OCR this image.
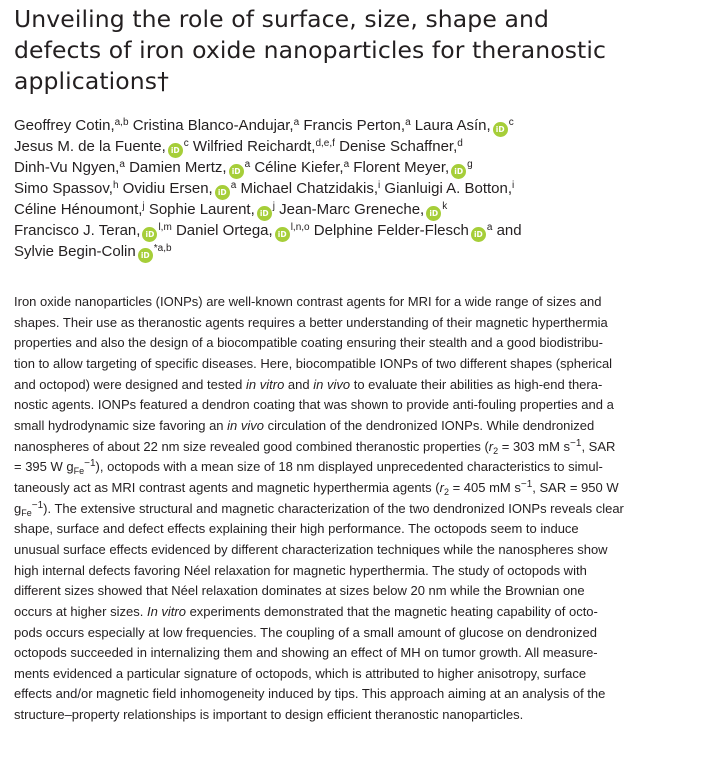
Unveiling the role of surface, size, shape and
defects of iron oxide nanoparticles for theranostic
applications†
Geoffrey Cotin,$^{a,b}$ Cristina Blanco-Andujar,$^a$ Francis Perton,$^a$ Laura Asín, $iD^c$
Jesus M. de la Fuente, $iD^c$ Wilfried Reichardt,$^{d,e,f}$ Denise Schaffner,$^d$
Dinh-Vu Ngyen,$^a$ Damien Mertz, $iD^a$ Céline Kiefer,$^a$ Florent Meyer, $iD^g$
Simo Spassov,$^h$ Ovidiu Ersen, $iD^a$ Michael Chatzidakis,$^i$ Gianluigi A. Botton,$^i$
Céline Hénoumont,$^j$ Sophie Laurent, $iD^j$ Jean-Marc Greneche, $iD^k$
Francisco J. Teran, iD$^{l,m}$ Daniel Ortega, iD$^{l,n,o}$ Delphine Felder-Flesch $iD^a$ and
Sylvie Begin-Colin iD$^{*a,b}$
Iron oxide nanoparticles (IONPs) are well-known contrast agents for MRI for a wide range of sizes and
shapes. Their use as theranostic agents requires a better understanding of their magnetic hyperthermia
properties and also the design of a biocompatible coating ensuring their stealth and a good biodistribu-
tion to allow targeting of specific diseases. Here, biocompatible IONPs of two different shapes (spherical
and octopod) were designed and tested in vitro and in vivo to evaluate their abilities as high-end thera-
nostic agents. IONPs featured a dendron coating that was shown to provide anti-fouling properties and a
small hydrodynamic size favoring an in vivo circulation of the dendronized IONPs. While dendronized
nanospheres of about 22 nm size revealed good combined theranostic properties ($r_2 = 303$ mM $s^{-1}$, SAR
= 395 W $g_{Fe}^{-1}$), octopods with a mean size of 18 nm displayed unprecedented characteristics to simul-
taneously act as MRI contrast agents and magnetic hyperthermia agents ($r_2 = 405$ mM $s^{-1}$, SAR = 950 W
$g_{Fe}^{-1}$). The extensive structural and magnetic characterization of the two dendronized IONPs reveals clear
shape, surface and defect effects explaining their high performance. The octopods seem to induce
unusual surface effects evidenced by different characterization techniques while the nanospheres show
high internal defects favoring Néel relaxation for magnetic hyperthermia. The study of octopods with
different sizes showed that Néel relaxation dominates at sizes below 20 nm while the Brownian one
occurs at higher sizes. In vitro experiments demonstrated that the magnetic heating capability of octo-
pods occurs especially at low frequencies. The coupling of a small amount of glucose on dendronized
octopods succeeded in internalizing them and showing an effect of MH on tumor growth. All measure-
ments evidenced a particular signature of octopods, which is attributed to higher anisotropy, surface
effects and/or magnetic field inhomogeneity induced by tips. This approach aiming at an analysis of the
structure–property relationships is important to design efficient theranostic nanoparticles.
